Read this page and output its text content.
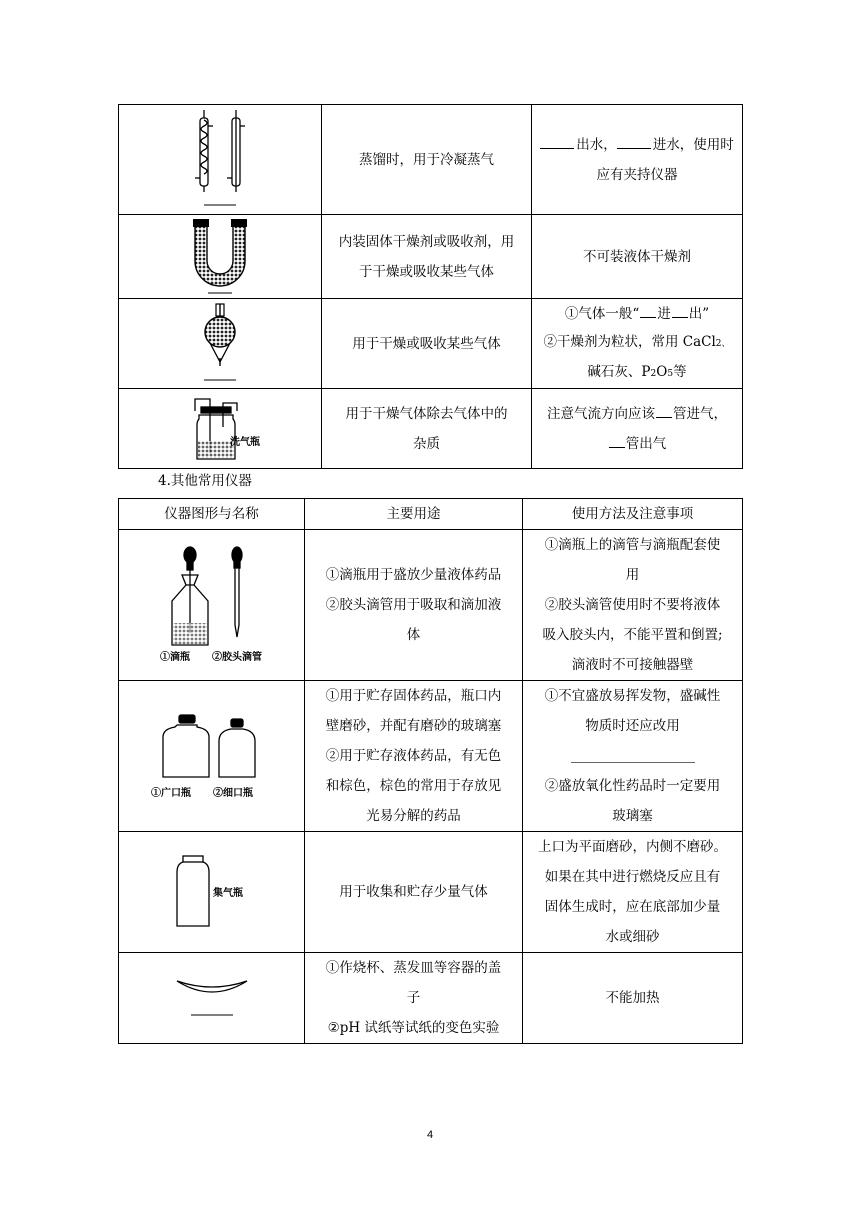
	蒸馏时，用于冷凝蒸气	出水， 进水，使用时
应有夹持仪器

	内装固体干燥剂或吸收剂，用
于干燥或吸收某些气体	不可装液体干燥剂

	用于干燥或吸收某些气体	①气体一般“ 进 出”
②干燥剂为粒状，常用 CaCl2、
碱石灰、P2O5等

洗气瓶	用于干燥气体除去气体中的
杂质	注意气流方向应该 管进气，
管出气
4.其他常用仪器
仪器图形与名称	主要用途	使用方法及注意事项

①滴瓶 ②胶头滴管	①滴瓶用于盛放少量液体药品
②胶头滴管用于吸取和滴加液
体	①滴瓶上的滴管与滴瓶配套使
用
②胶头滴管使用时不要将液体
吸入胶头内，不能平置和倒置;
滴液时不可接触器壁

①广口瓶 ②细口瓶	①用于贮存固体药品，瓶口内
壁磨砂，并配有磨砂的玻璃塞
②用于贮存液体药品，有无色
和棕色，棕色的常用于存放见
光易分解的药品	①不宜盛放易挥发物，盛碱性
物质时还应改用

②盛放氧化性药品时一定要用
玻璃塞

集气瓶	用于收集和贮存少量气体	上口为平面磨砂，内侧不磨砂。
如果在其中进行燃烧反应且有
固体生成时，应在底部加少量
水或细砂

	①作烧杯、蒸发皿等容器的盖
子
②pH 试纸等试纸的变色实验	不能加热
4
